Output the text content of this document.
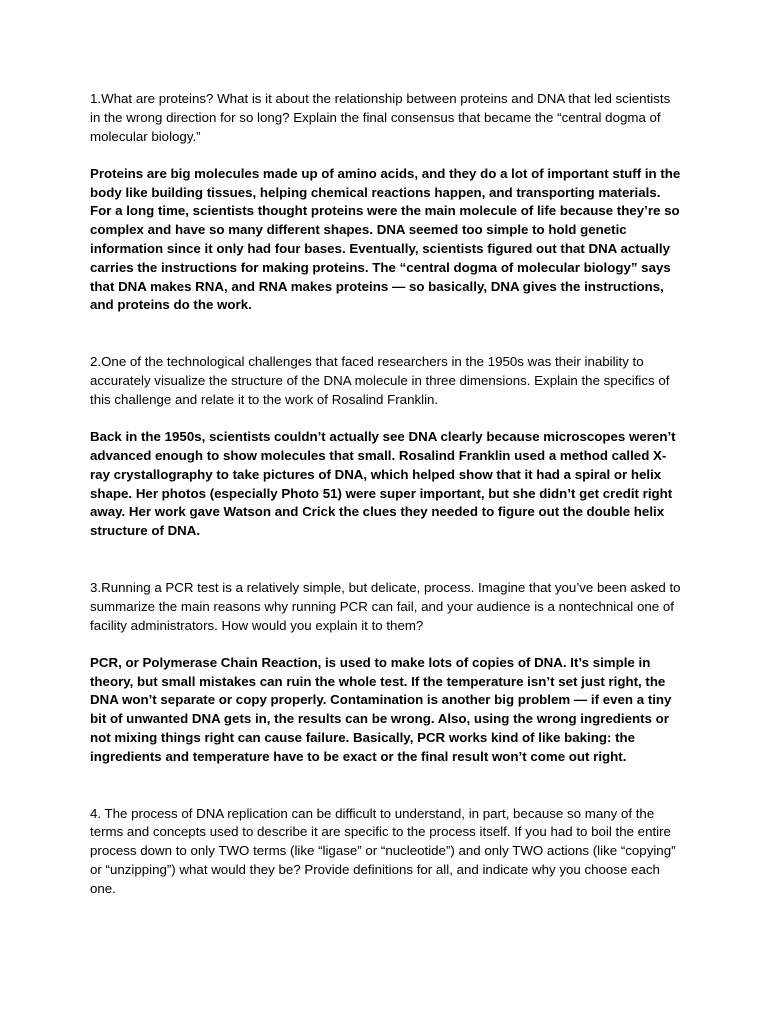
1.What are proteins? What is it about the relationship between proteins and DNA that led scientists in the wrong direction for so long? Explain the final consensus that became the “central dogma of molecular biology.”

Proteins are big molecules made up of amino acids, and they do a lot of important stuff in the body like building tissues, helping chemical reactions happen, and transporting materials. For a long time, scientists thought proteins were the main molecule of life because they’re so complex and have so many different shapes. DNA seemed too simple to hold genetic information since it only had four bases. Eventually, scientists figured out that DNA actually carries the instructions for making proteins. The “central dogma of molecular biology” says that DNA makes RNA, and RNA makes proteins — so basically, DNA gives the instructions, and proteins do the work.

2.One of the technological challenges that faced researchers in the 1950s was their inability to accurately visualize the structure of the DNA molecule in three dimensions. Explain the specifics of this challenge and relate it to the work of Rosalind Franklin.

Back in the 1950s, scientists couldn’t actually see DNA clearly because microscopes weren’t advanced enough to show molecules that small. Rosalind Franklin used a method called X-ray crystallography to take pictures of DNA, which helped show that it had a spiral or helix shape. Her photos (especially Photo 51) were super important, but she didn’t get credit right away. Her work gave Watson and Crick the clues they needed to figure out the double helix structure of DNA.

3.Running a PCR test is a relatively simple, but delicate, process. Imagine that you’ve been asked to summarize the main reasons why running PCR can fail, and your audience is a nontechnical one of facility administrators. How would you explain it to them?

PCR, or Polymerase Chain Reaction, is used to make lots of copies of DNA. It’s simple in theory, but small mistakes can ruin the whole test. If the temperature isn’t set just right, the DNA won’t separate or copy properly. Contamination is another big problem — if even a tiny bit of unwanted DNA gets in, the results can be wrong. Also, using the wrong ingredients or not mixing things right can cause failure. Basically, PCR works kind of like baking: the ingredients and temperature have to be exact or the final result won’t come out right.

4. The process of DNA replication can be difficult to understand, in part, because so many of the terms and concepts used to describe it are specific to the process itself. If you had to boil the entire process down to only TWO terms (like “ligase” or “nucleotide”) and only TWO actions (like “copying” or “unzipping”) what would they be? Provide definitions for all, and indicate why you choose each one.
